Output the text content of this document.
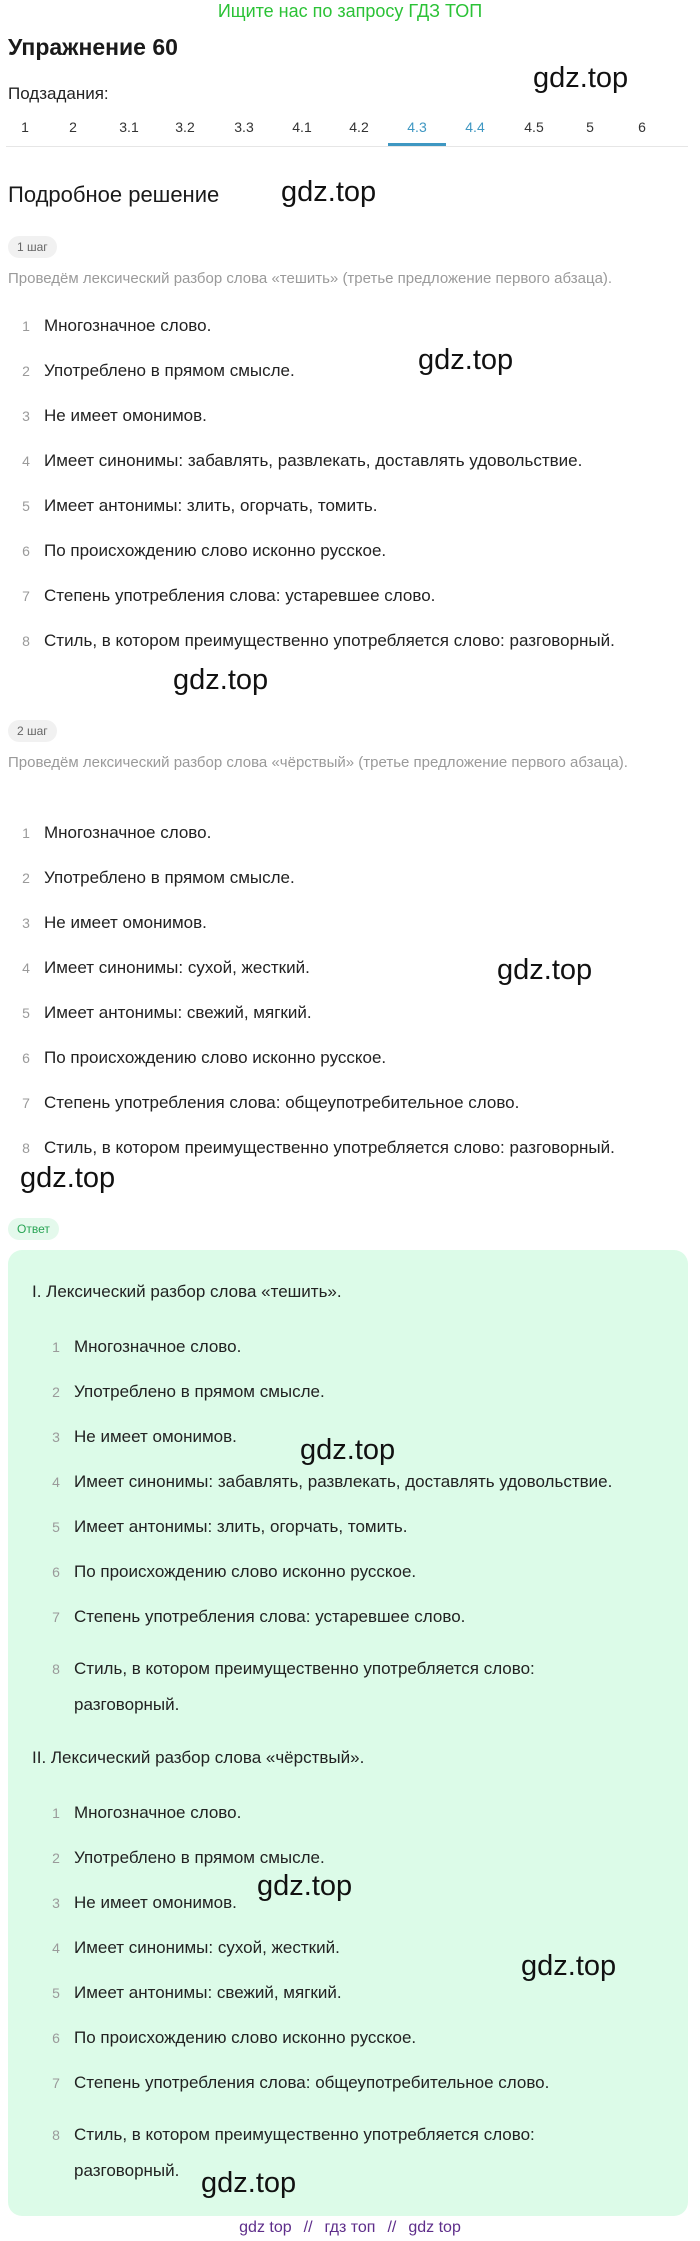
Ищите нас по запросу ГДЗ ТОП
Упражнение 60
Подзадания:
1	2	3.1	3.2	3.3	4.1	4.2	4.3	4.4	4.5	5	6
Подробное решение
1 шаг
Проведём лексический разбор слова «тешить» (третье предложение первого абзаца).
1 Многозначное слово.
2 Употреблено в прямом смысле.
3 Не имеет омонимов.
4 Имеет синонимы: забавлять, развлекать, доставлять удовольствие.
5 Имеет антонимы: злить, огорчать, томить.
6 По происхождению слово исконно русское.
7 Степень употребления слова: устаревшее слово.
8 Стиль, в котором преимущественно употребляется слово: разговорный.
2 шаг
Проведём лексический разбор слова «чёрствый» (третье предложение первого абзаца).
1 Многозначное слово.
2 Употреблено в прямом смысле.
3 Не имеет омонимов.
4 Имеет синонимы: сухой, жесткий.
5 Имеет антонимы: свежий, мягкий.
6 По происхождению слово исконно русское.
7 Степень употребления слова: общеупотребительное слово.
8 Стиль, в котором преимущественно употребляется слово: разговорный.
Ответ
I. Лексический разбор слова «тешить».
1 Многозначное слово.
2 Употреблено в прямом смысле.
3 Не имеет омонимов.
4 Имеет синонимы: забавлять, развлекать, доставлять удовольствие.
5 Имеет антонимы: злить, огорчать, томить.
6 По происхождению слово исконно русское.
7 Степень употребления слова: устаревшее слово.
8 Стиль, в котором преимущественно употребляется слово:
разговорный.
II. Лексический разбор слова «чёрствый».
1 Многозначное слово.
2 Употреблено в прямом смысле.
3 Не имеет омонимов.
4 Имеет синонимы: сухой, жесткий.
5 Имеет антонимы: свежий, мягкий.
6 По происхождению слово исконно русское.
7 Степень употребления слова: общеупотребительное слово.
8 Стиль, в котором преимущественно употребляется слово:
разговорный.
gdz.top
gdz.top
gdz.top
gdz.top
gdz.top
gdz.top
gdz.top
gdz.top
gdz.top
gdz.top
gdz top // гдз топ // gdz top
